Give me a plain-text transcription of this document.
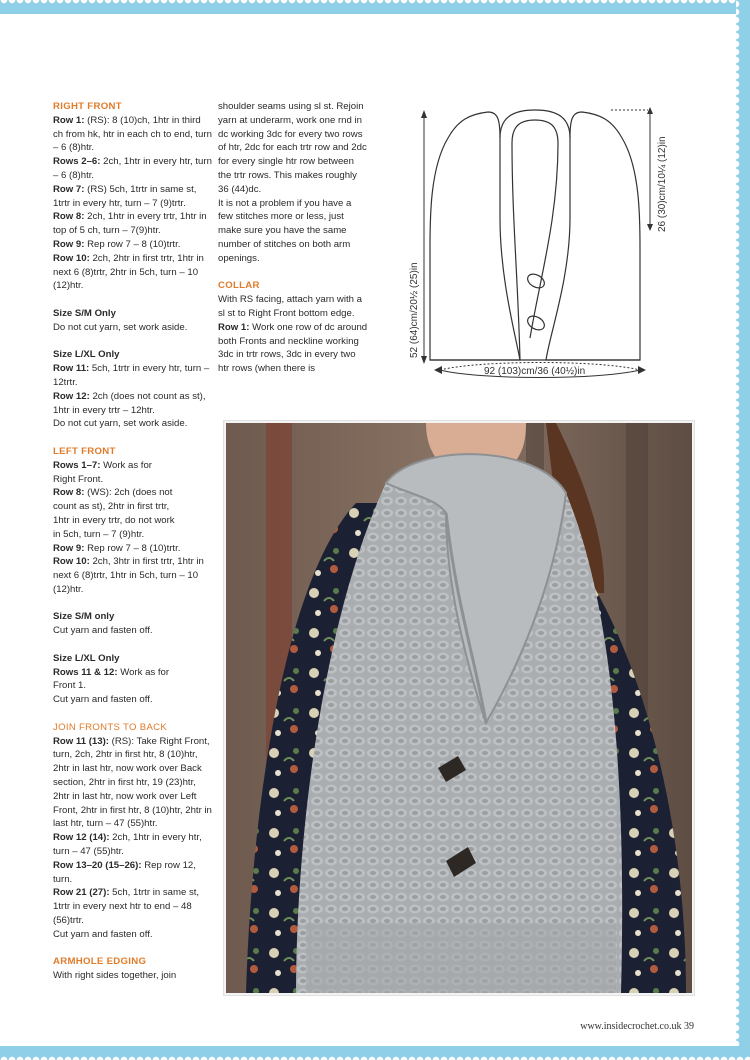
RIGHT FRONT

Row 1: (RS): 8 (10)ch, 1htr in third ch from hk, htr in each ch to end, turn – 6 (8)htr.

Rows 2–6: 2ch, 1htr in every htr, turn – 6 (8)htr.

Row 7: (RS) 5ch, 1trtr in same st, 1trtr in every htr, turn – 7 (9)trtr.

Row 8: 2ch, 1htr in every trtr, 1htr in top of 5 ch, turn – 7(9)htr.

Row 9: Rep row 7 – 8 (10)trtr.

Row 10: 2ch, 2htr in first trtr, 1htr in next 6 (8)trtr, 2htr in 5ch, turn – 10 (12)htr.

Size S/M Only

Do not cut yarn, set work aside.

Size L/XL Only

Row 11: 5ch, 1trtr in every htr, turn – 12trtr.

Row 12: 2ch (does not count as st), 1htr in every trtr – 12htr.

Do not cut yarn, set work aside.

LEFT FRONT

Rows 1–7: Work as for Right Front.

Row 8: (WS): 2ch (does not count as st), 2htr in first trtr, 1htr in every trtr, do not work in 5ch, turn – 7 (9)htr.

Row 9: Rep row 7 – 8 (10)trtr.

Row 10: 2ch, 3htr in first trtr, 1htr in next 6 (8)trtr, 1htr in 5ch, turn – 10 (12)htr.

Size S/M only

Cut yarn and fasten off.

Size L/XL Only

Rows 11 & 12: Work as for Front 1.

Cut yarn and fasten off.

JOIN FRONTS TO BACK

Row 11 (13): (RS): Take Right Front, turn, 2ch, 2htr in first htr, 8 (10)htr, 2htr in last htr, now work over Back section, 2htr in first htr, 19 (23)htr, 2htr in last htr, now work over Left Front, 2htr in first htr, 8 (10)htr, 2htr in last htr, turn – 47 (55)htr.

Row 12 (14): 2ch, 1htr in every htr, turn – 47 (55)htr.

Row 13–20 (15–26): Rep row 12, turn.

Row 21 (27): 5ch, 1trtr in same st, 1trtr in every next htr to end – 48 (56)trtr.

Cut yarn and fasten off.

ARMHOLE EDGING

With right sides together, join

shoulder seams using sl st. Rejoin yarn at underarm, work one rnd in dc working 3dc for every two rows of htr, 2dc for each trtr row and 2dc for every single htr row between the trtr rows. This makes roughly 36 (44)dc.

It is not a problem if you have a few stitches more or less, just make sure you have the same number of stitches on both arm openings.

COLLAR

With RS facing, attach yarn with a sl st to Right Front bottom edge.

Row 1: Work one row of dc around both Fronts and neckline working 3dc in trtr rows, 3dc in every two htr rows (when there is

52 (64)cm/20½ (25)in
26 (30)cm/10¼ (12)in
92 (103)cm/36 (40½)in
www.insidecrochet.co.uk 39
